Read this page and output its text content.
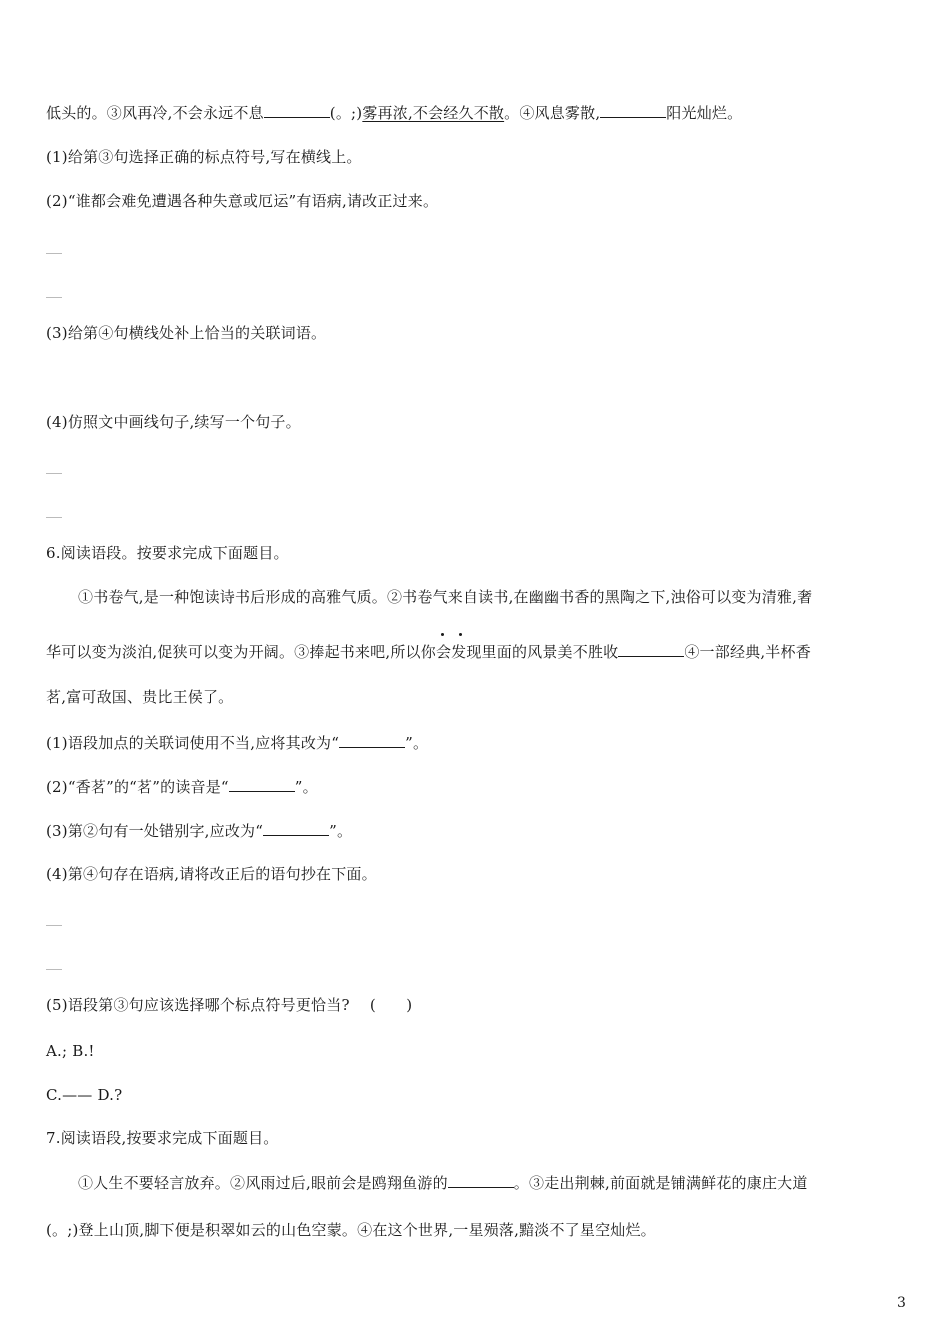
低头的。③风再冷,不会永远不息	(。;)雾再浓,不会经久不散。④风息雾散,	阳光灿烂。
(1)给第③句选择正确的标点符号,写在横线上。
(2)“谁都会难免遭遇各种失意或厄运”有语病,请改正过来。
(3)给第④句横线处补上恰当的关联词语。
(4)仿照文中画线句子,续写一个句子。
6.阅读语段。按要求完成下面题目。
①书卷气,是一种饱读诗书后形成的高雅气质。②书卷气来自读书,在幽幽书香的黑陶之下,浊俗可以变为清雅,奢
华可以变为淡泊,促狭可以变为开阔。③捧起书来吧,所以你会发现里面的风景美不胜收	④一部经典,半杯香
茗,富可敌国、贵比王侯了。
(1)语段加点的关联词使用不当,应将其改为“	”。
(2)“香茗”的“茗”的读音是“	”。
(3)第②句有一处错别字,应改为“	”。
(4)第④句存在语病,请将改正后的语句抄在下面。
(5)语段第③句应该选择哪个标点符号更恰当?　 (　　)
A.; B.!
C.—— D.?
7.阅读语段,按要求完成下面题目。
①人生不要轻言放弃。②风雨过后,眼前会是鸥翔鱼游的	。③走出荆棘,前面就是铺满鲜花的康庄大道
(。;)登上山顶,脚下便是积翠如云的山色空蒙。④在这个世界,一星殒落,黯淡不了星空灿烂。
3
